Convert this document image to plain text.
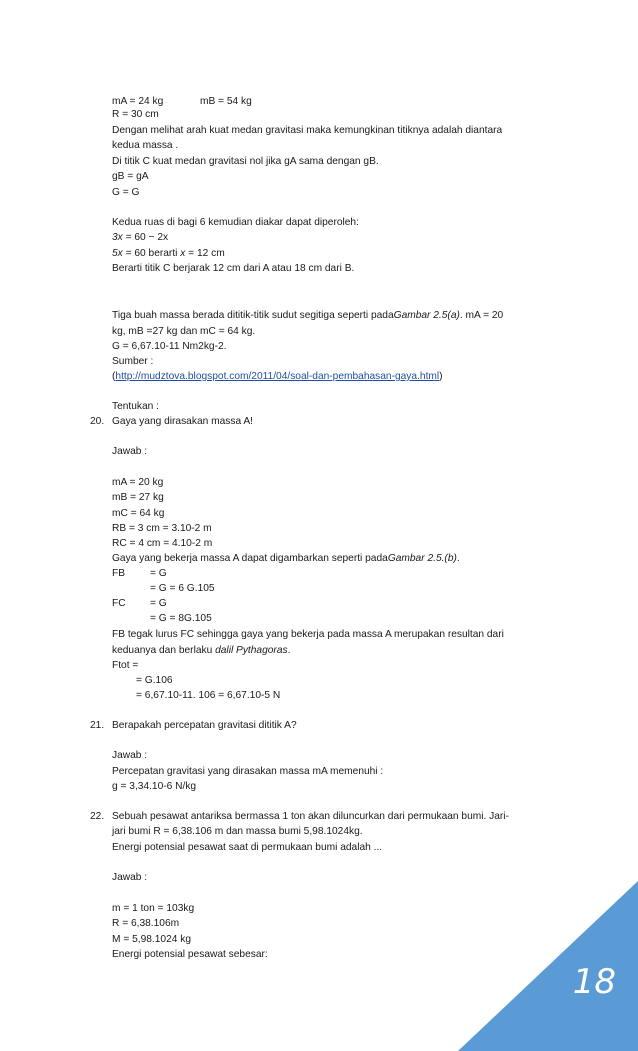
mA = 24 kg	mB = 54 kg
R = 30 cm
Dengan melihat arah kuat medan gravitasi maka kemungkinan titiknya adalah diantara
kedua massa .
Di titik C kuat medan gravitasi nol jika gA sama dengan gB.
gB = gA
G = G
Kedua ruas di bagi 6 kemudian diakar dapat diperoleh:
3x = 60 − 2x
5x = 60 berarti x = 12 cm
Berarti titik C berjarak 12 cm dari A atau 18 cm dari B.
Tiga buah massa berada dititik-titik sudut segitiga seperti padaGambar 2.5(a). mA = 20
kg, mB =27 kg dan mC = 64 kg.
G = 6,67.10-11 Nm2kg-2.
Sumber :
(http://mudztova.blogspot.com/2011/04/soal-dan-pembahasan-gaya.html)
Tentukan :
20. Gaya yang dirasakan massa A!
Jawab :
mA = 20 kg
mB = 27 kg
mC = 64 kg
RB = 3 cm = 3.10-2 m
RC = 4 cm = 4.10-2 m
Gaya yang bekerja massa A dapat digambarkan seperti padaGambar 2.5.(b).
FB = G
= G = 6 G.105
FC = G
= G = 8G.105
FB tegak lurus FC sehingga gaya yang bekerja pada massa A merupakan resultan dari
keduanya dan berlaku dalil Pythagoras.
Ftot =
= G.106
= 6,67.10-11. 106 = 6,67.10-5 N
21. Berapakah percepatan gravitasi dititik A?
Jawab :
Percepatan gravitasi yang dirasakan massa mA memenuhi :
g = 3,34.10-6 N/kg
22. Sebuah pesawat antariksa bermassa 1 ton akan diluncurkan dari permukaan bumi. Jari-
jari bumi R = 6,38.106 m dan massa bumi 5,98.1024kg.
Energi potensial pesawat saat di permukaan bumi adalah ...
Jawab :
m = 1 ton = 103kg
R = 6,38.106m
M = 5,98.1024 kg
Energi potensial pesawat sebesar:
18
